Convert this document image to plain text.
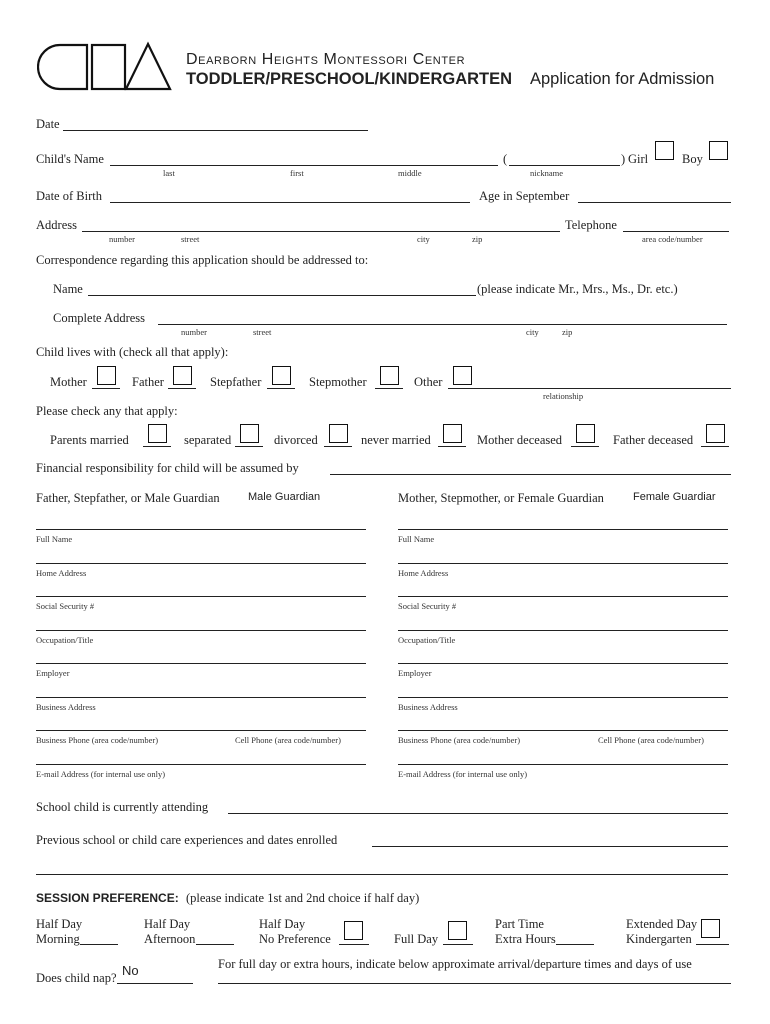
Dearborn Heights Montessori Center
TODDLER/PRESCHOOL/KINDERGARTEN Application for Admission
Date
Child's Name	(	) Girl	Boy
last	first	middle	nickname
Date of Birth	Age in September
Address	Telephone
number	street	city	zip	area code/number
Correspondence regarding this application should be addressed to:
Name	(please indicate Mr., Mrs., Ms., Dr. etc.)
Complete Address
number	street	city	zip
Child lives with (check all that apply):
Mother	Father	Stepfather	Stepmother	Other
relationship
Please check any that apply:
Parents married	separated	divorced	never married	Mother deceased	Father deceased
Financial responsibility for child will be assumed by
Father, Stepfather, or Male Guardian	Male Guardian	Mother, Stepmother, or Female Guardian	Female Guardiar
Full Name	Full Name
Home Address	Home Address
Social Security #	Social Security #
Occupation/Title	Occupation/Title
Employer	Employer
Business Address	Business Address
Business Phone (area code/number)	Cell Phone (area code/number)	Business Phone (area code/number)	Cell Phone (area code/number)
E-mail Address (for internal use only)	E-mail Address (for internal use only)
School child is currently attending
Previous school or child care experiences and dates enrolled
SESSION PREFERENCE: (please indicate 1st and 2nd choice if half day)
Half Day
Morning
Half Day
Afternoon
Half Day
No Preference	Full Day
Part Time
Extra Hours
Extended Day
Kindergarten
Does child nap? No	For full day or extra hours, indicate below approximate arrival/departure times and days of use
